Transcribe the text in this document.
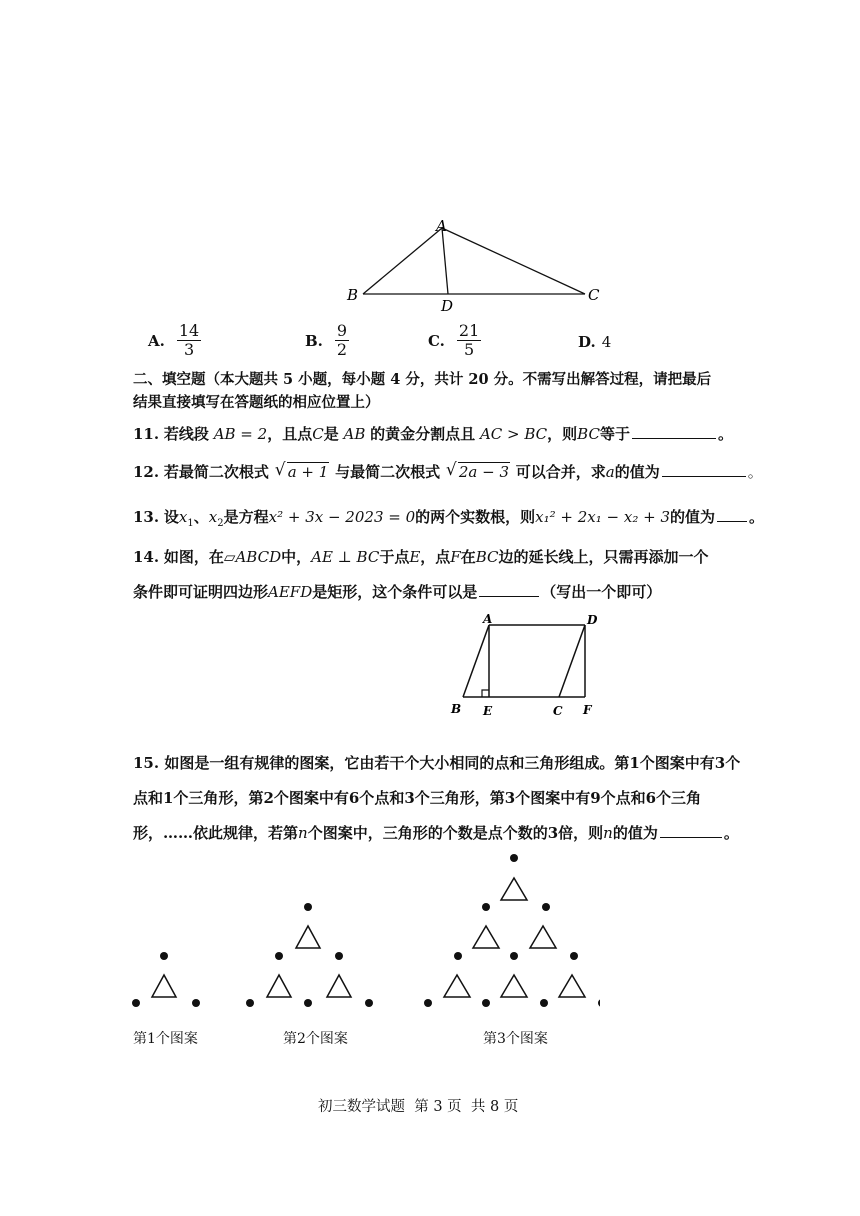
A
B	C
D
A. $\frac{14}{3}$	B. $\frac{9}{2}$	C. $\frac{21}{5}$	D. 4
二、填空题（本大题共 5 小题，每小题 4 分，共计 20 分。不需写出解答过程，请把最后
结果直接填写在答题纸的相应位置上）
11. 若线段 AB = 2，且点C是 AB 的黄金分割点且 AC > BC，则BC等于	。
12. 若最简二次根式 √ a + 1 与最简二次根式 √ 2a − 3 可以合并，求a的值为	。
13. 设$x_1$、$x_2$是方程x² + 3x − 2023 = 0的两个实数根，则x₁² + 2x₁ − x₂ + 3的值为 。
14. 如图，在▱ABCD中，AE ⊥ BC于点E，点F在BC边的延长线上，只需再添加一个
条件即可证明四边形AEFD是矩形，这个条件可以是	（写出一个即可）
A	D
B E	C F
15. 如图是一组有规律的图案，它由若干个大小相同的点和三角形组成。第1个图案中有3个
点和1个三角形，第2个图案中有6个点和3个三角形，第3个图案中有9个点和6个三角
形，……依此规律，若第n个图案中，三角形的个数是点个数的3倍，则n的值为	。
第1个图案	第2个图案	第3个图案
初三数学试题  第 3 页  共 8 页
